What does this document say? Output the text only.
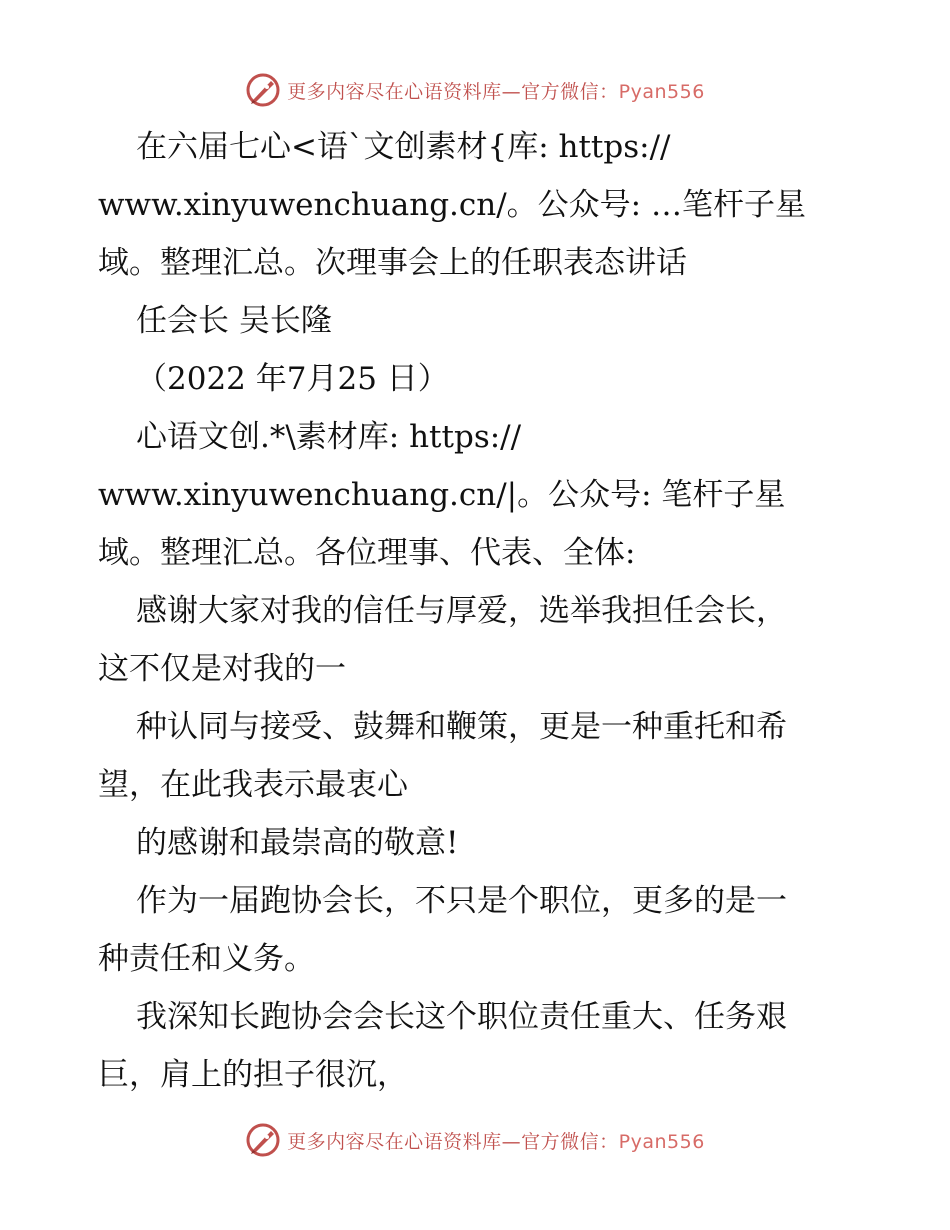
更多内容尽在心语资料库—官方微信：Pyan556
在六届七心<语`文创素材{库: https://
www.xinyuwenchuang.cn/。公众号: …笔杆子星
域。整理汇总。次理事会上的任职表态讲话
任会长 吴长隆
（2022 年7月25 日）
心语文创.*\素材库: https://
www.xinyuwenchuang.cn/|。公众号: 笔杆子星
域。整理汇总。各位理事、代表、全体:
感谢大家对我的信任与厚爱，选举我担任会长，
这不仅是对我的一
种认同与接受、鼓舞和鞭策，更是一种重托和希
望，在此我表示最衷心
的感谢和最崇高的敬意!
作为一届跑协会长，不只是个职位，更多的是一
种责任和义务。
我深知长跑协会会长这个职位责任重大、任务艰
巨，肩上的担子很沉，
更多内容尽在心语资料库—官方微信：Pyan556
